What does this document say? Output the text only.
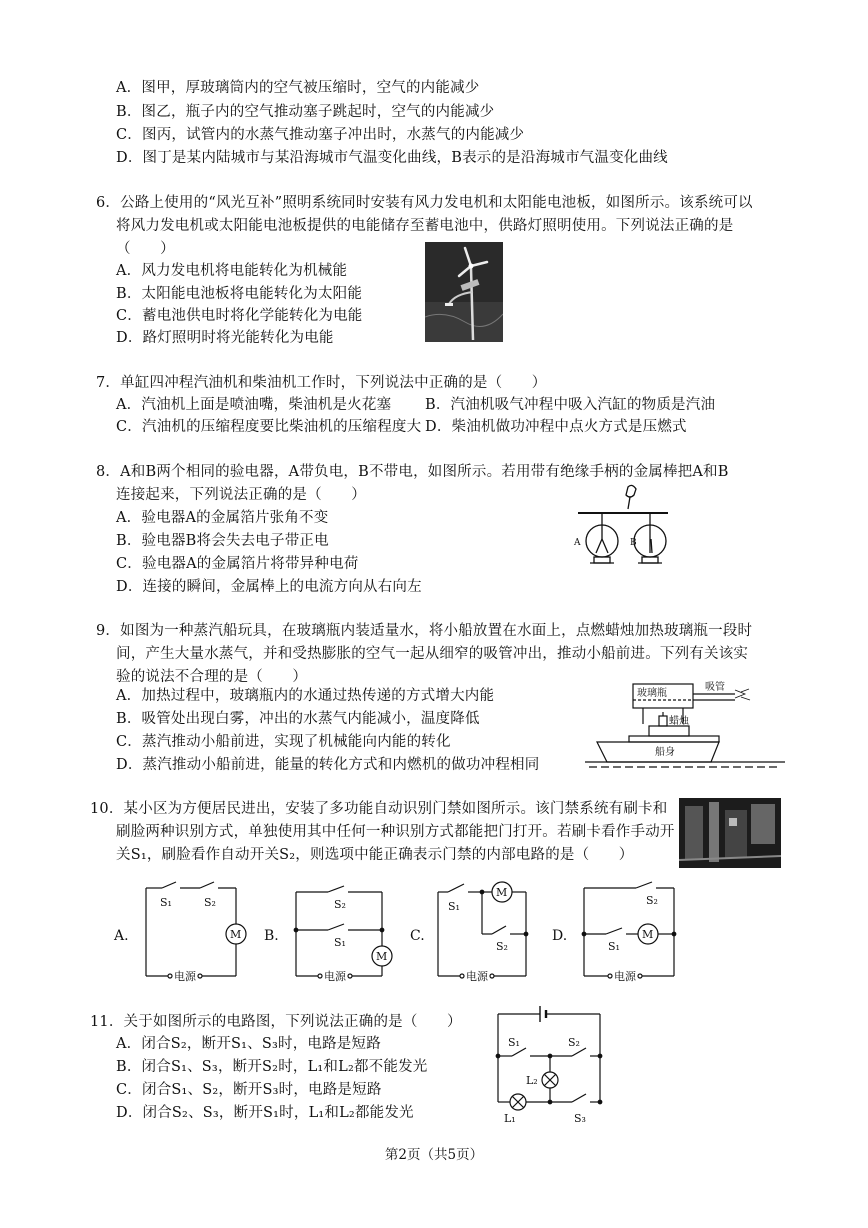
A．图甲，厚玻璃筒内的空气被压缩时，空气的内能减少
B．图乙，瓶子内的空气推动塞子跳起时，空气的内能减少
C．图丙，试管内的水蒸气推动塞子冲出时，水蒸气的内能减少
D．图丁是某内陆城市与某沿海城市气温变化曲线，B表示的是沿海城市气温变化曲线
6．公路上使用的“风光互补”照明系统同时安装有风力发电机和太阳能电池板，如图所示。该系统可以
将风力发电机或太阳能电池板提供的电能储存至蓄电池中，供路灯照明使用。下列说法正确的是
（　　）
A．风力发电机将电能转化为机械能
B．太阳能电池板将电能转化为太阳能
C．蓄电池供电时将化学能转化为电能
D．路灯照明时将光能转化为电能
7．单缸四冲程汽油机和柴油机工作时，下列说法中正确的是（　　）
A．汽油机上面是喷油嘴，柴油机是火花塞 B．汽油机吸气冲程中吸入汽缸的物质是汽油
C．汽油机的压缩程度要比柴油机的压缩程度大 D．柴油机做功冲程中点火方式是压燃式
8．A和B两个相同的验电器，A带负电，B不带电，如图所示。若用带有绝缘手柄的金属棒把A和B
连接起来，下列说法正确的是（　　）
A．验电器A的金属箔片张角不变
B．验电器B将会失去电子带正电
C．验电器A的金属箔片将带异种电荷
D．连接的瞬间，金属棒上的电流方向从右向左
A	B
9．如图为一种蒸汽船玩具，在玻璃瓶内装适量水，将小船放置在水面上，点燃蜡烛加热玻璃瓶一段时
间，产生大量水蒸气，并和受热膨胀的空气一起从细窄的吸管冲出，推动小船前进。下列有关该实
验的说法不合理的是（　　）
A．加热过程中，玻璃瓶内的水通过热传递的方式增大内能
B．吸管处出现白雾，冲出的水蒸气内能减小，温度降低
C．蒸汽推动小船前进，实现了机械能向内能的转化
D．蒸汽推动小船前进，能量的转化方式和内燃机的做功冲程相同
玻璃瓶
吸管
蜡烛
船身
10．某小区为方便居民进出，安装了多功能自动识别门禁如图所示。该门禁系统有刷卡和
刷脸两种识别方式，单独使用其中任何一种识别方式都能把门打开。若刷卡看作手动开
关S₁，刷脸看作自动开关S₂，则选项中能正确表示门禁的内部电路的是（　　）
A.	M
S₁	S₂
电源
B.
M
S₂
S₁
电源
C.
M
S₁
S₂
电源
D.	M
S₂
S₁
电源
11．关于如图所示的电路图，下列说法正确的是（　　）
A．闭合S₂，断开S₁、S₃时，电路是短路
B．闭合S₁、S₃，断开S₂时，L₁和L₂都不能发光
C．闭合S₁、S₂，断开S₃时，电路是短路
D．闭合S₂、S₃，断开S₁时，L₁和L₂都能发光
S₁	S₂
L₂
L₁	S₃
第2页（共5页）
